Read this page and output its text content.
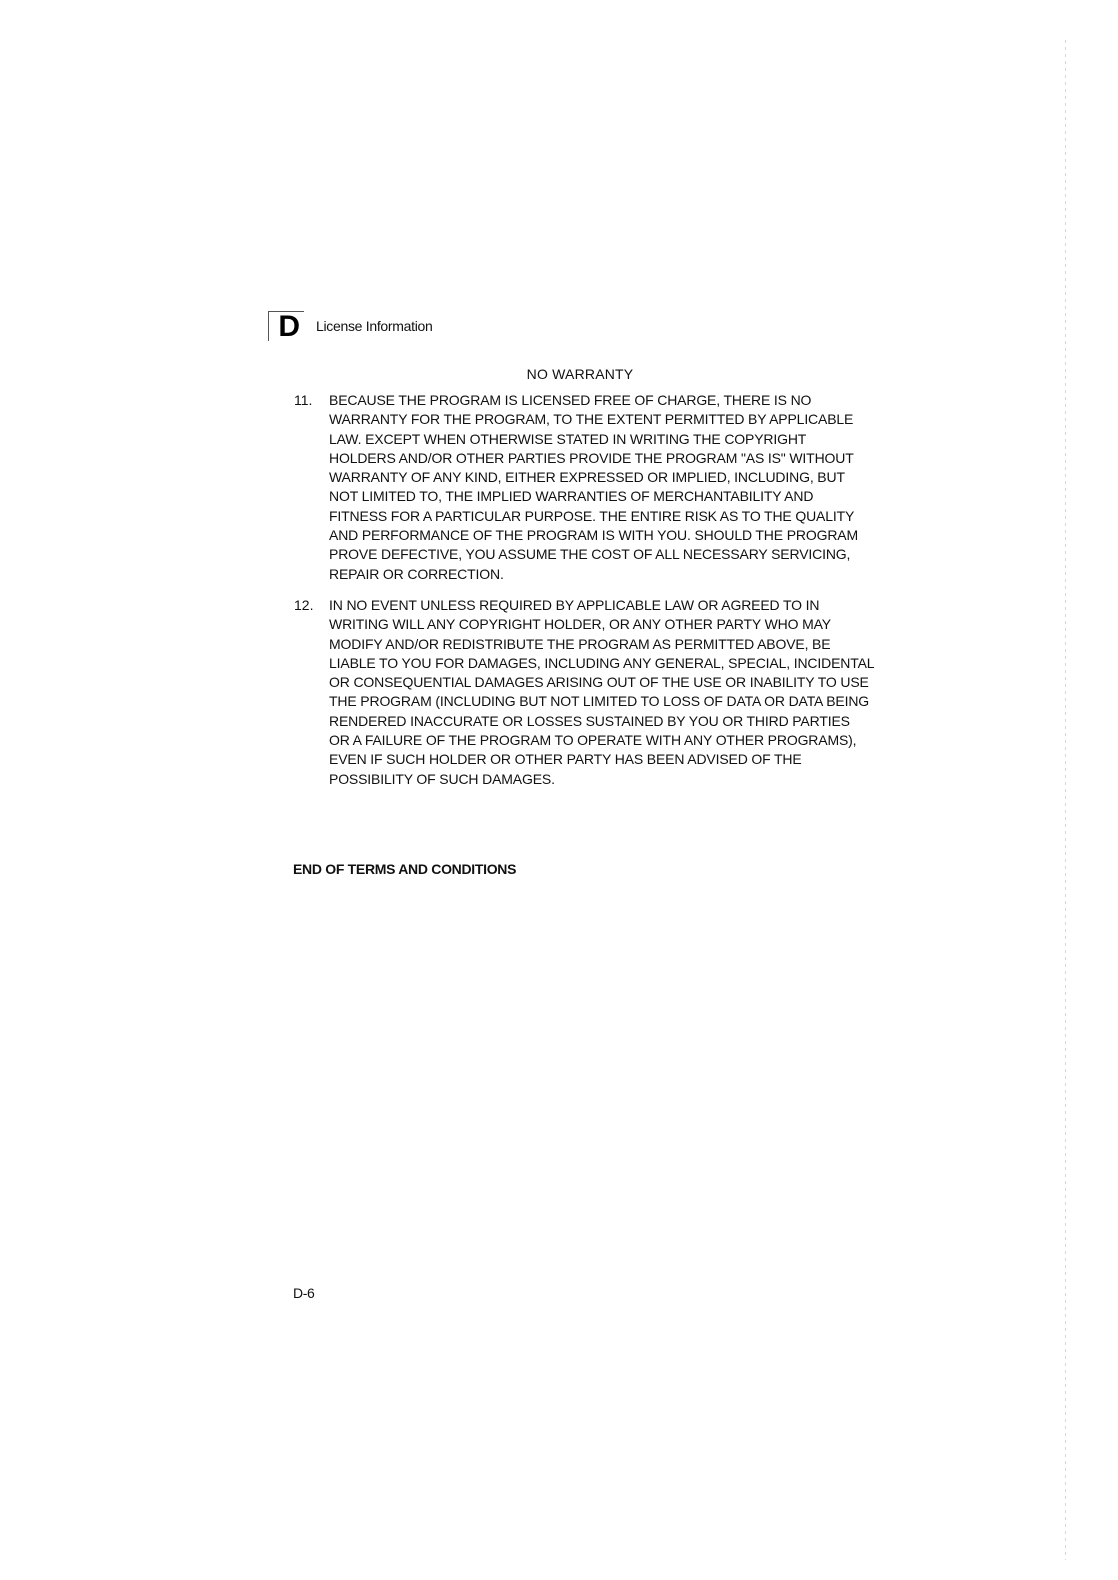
D License Information
NO WARRANTY
11.	BECAUSE THE PROGRAM IS LICENSED FREE OF CHARGE, THERE IS NO WARRANTY FOR THE PROGRAM, TO THE EXTENT PERMITTED BY APPLICABLE LAW. EXCEPT WHEN OTHERWISE STATED IN WRITING THE COPYRIGHT HOLDERS AND/OR OTHER PARTIES PROVIDE THE PROGRAM "AS IS" WITHOUT WARRANTY OF ANY KIND, EITHER EXPRESSED OR IMPLIED, INCLUDING, BUT NOT LIMITED TO, THE IMPLIED WARRANTIES OF MERCHANTABILITY AND FITNESS FOR A PARTICULAR PURPOSE. THE ENTIRE RISK AS TO THE QUALITY AND PERFORMANCE OF THE PROGRAM IS WITH YOU. SHOULD THE PROGRAM PROVE DEFECTIVE, YOU ASSUME THE COST OF ALL NECESSARY SERVICING, REPAIR OR CORRECTION.
12.	IN NO EVENT UNLESS REQUIRED BY APPLICABLE LAW OR AGREED TO IN WRITING WILL ANY COPYRIGHT HOLDER, OR ANY OTHER PARTY WHO MAY MODIFY AND/OR REDISTRIBUTE THE PROGRAM AS PERMITTED ABOVE, BE LIABLE TO YOU FOR DAMAGES, INCLUDING ANY GENERAL, SPECIAL, INCIDENTAL OR CONSEQUENTIAL DAMAGES ARISING OUT OF THE USE OR INABILITY TO USE THE PROGRAM (INCLUDING BUT NOT LIMITED TO LOSS OF DATA OR DATA BEING RENDERED INACCURATE OR LOSSES SUSTAINED BY YOU OR THIRD PARTIES OR A FAILURE OF THE PROGRAM TO OPERATE WITH ANY OTHER PROGRAMS), EVEN IF SUCH HOLDER OR OTHER PARTY HAS BEEN ADVISED OF THE POSSIBILITY OF SUCH DAMAGES.
END OF TERMS AND CONDITIONS
D-6
